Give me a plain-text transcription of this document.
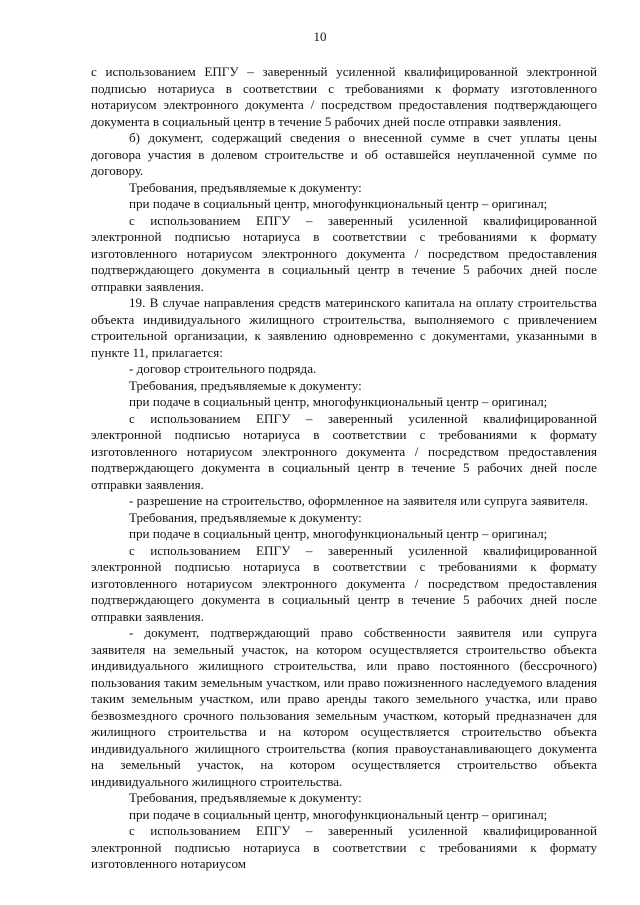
10

с использованием ЕПГУ – заверенный усиленной квалифицированной электронной подписью нотариуса в соответствии с требованиями к формату изготовленного нотариусом электронного документа / посредством предоставления подтверждающего документа в социальный центр в течение 5 рабочих дней после отправки заявления.

б) документ, содержащий сведения о внесенной сумме в счет уплаты цены договора участия в долевом строительстве и об оставшейся неуплаченной сумме по договору.

Требования, предъявляемые к документу:

при подаче в социальный центр, многофункциональный центр – оригинал;

с использованием ЕПГУ – заверенный усиленной квалифицированной электронной подписью нотариуса в соответствии с требованиями к формату изготовленного нотариусом электронного документа / посредством предоставления подтверждающего документа в социальный центр в течение 5 рабочих дней после отправки заявления.

19. В случае направления средств материнского капитала на оплату строительства объекта индивидуального жилищного строительства, выполняемого с привлечением строительной организации, к заявлению одновременно с документами, указанными в пункте 11, прилагается:

- договор строительного подряда.

Требования, предъявляемые к документу:

при подаче в социальный центр, многофункциональный центр – оригинал;

с использованием ЕПГУ – заверенный усиленной квалифицированной электронной подписью нотариуса в соответствии с требованиями к формату изготовленного нотариусом электронного документа / посредством предоставления подтверждающего документа в социальный центр в течение 5 рабочих дней после отправки заявления.

- разрешение на строительство, оформленное на заявителя или супруга заявителя.

Требования, предъявляемые к документу:

при подаче в социальный центр, многофункциональный центр – оригинал;

с использованием ЕПГУ – заверенный усиленной квалифицированной электронной подписью нотариуса в соответствии с требованиями к формату изготовленного нотариусом электронного документа / посредством предоставления подтверждающего документа в социальный центр в течение 5 рабочих дней после отправки заявления.

- документ, подтверждающий право собственности заявителя или супруга заявителя на земельный участок, на котором осуществляется строительство объекта индивидуального жилищного строительства, или право постоянного (бессрочного) пользования таким земельным участком, или право пожизненного наследуемого владения таким земельным участком, или право аренды такого земельного участка, или право безвозмездного срочного пользования земельным участком, который предназначен для жилищного строительства и на котором осуществляется строительство объекта индивидуального жилищного строительства (копия правоустанавливающего документа на земельный участок, на котором осуществляется строительство объекта индивидуального жилищного строительства.

Требования, предъявляемые к документу:

при подаче в социальный центр, многофункциональный центр – оригинал;

с использованием ЕПГУ – заверенный усиленной квалифицированной электронной подписью нотариуса в соответствии с требованиями к формату изготовленного нотариусом
